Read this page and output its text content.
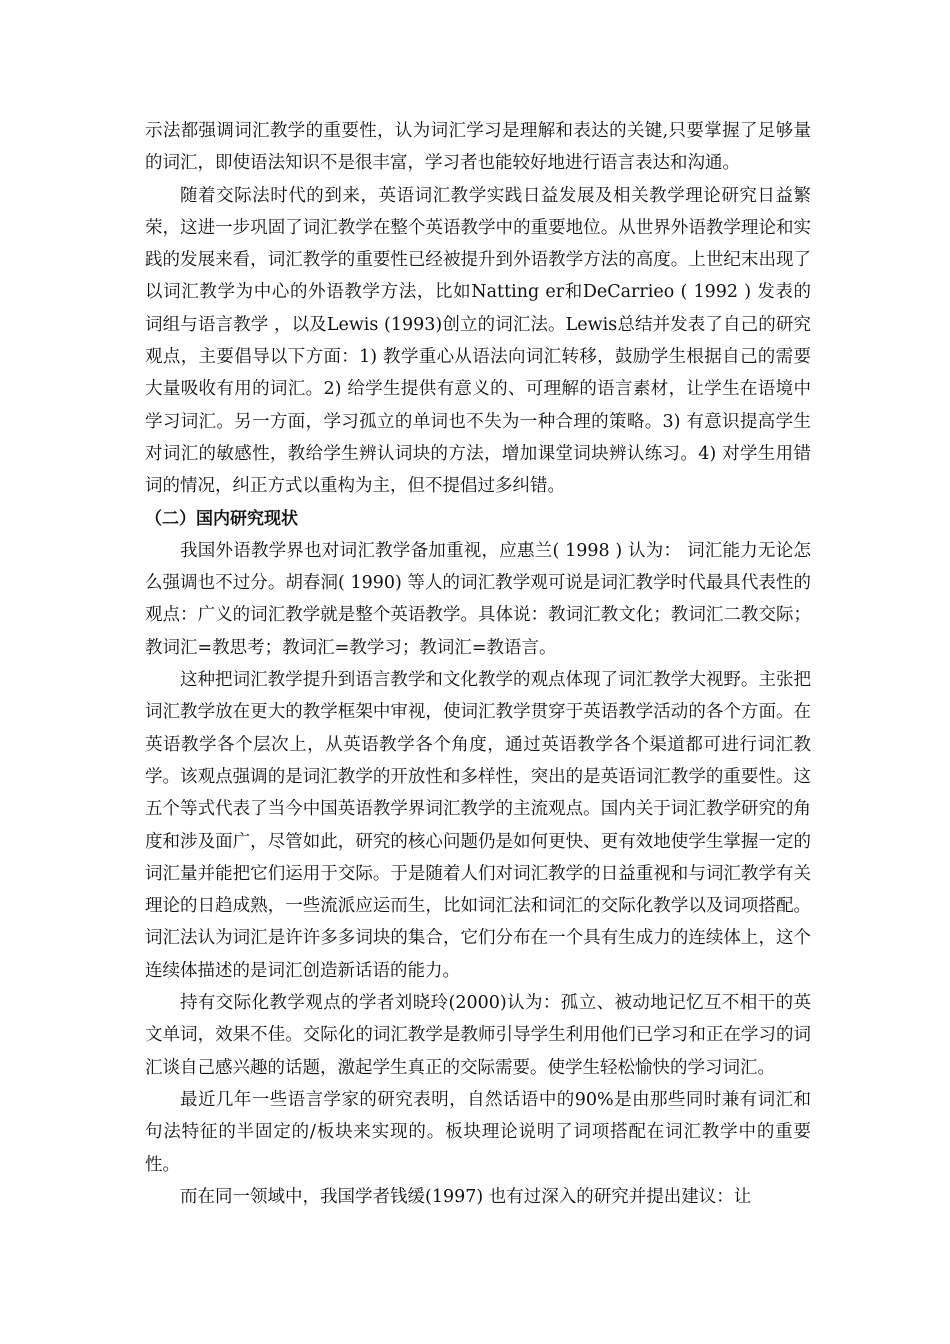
示法都强调词汇教学的重要性，认为词汇学习是理解和表达的关键,只要掌握了足够量的词汇，即使语法知识不是很丰富，学习者也能较好地进行语言表达和沟通。

随着交际法时代的到来，英语词汇教学实践日益发展及相关教学理论研究日益繁荣，这进一步巩固了词汇教学在整个英语教学中的重要地位。从世界外语教学理论和实践的发展来看，词汇教学的重要性已经被提升到外语教学方法的高度。上世纪末出现了以词汇教学为中心的外语教学方法，比如Natting er和DeCarrieo ( 1992 ) 发表的词组与语言教学 ，以及Lewis (1993)创立的词汇法。Lewis总结并发表了自己的研究观点，主要倡导以下方面：1) 教学重心从语法向词汇转移，鼓励学生根据自己的需要大量吸收有用的词汇。2) 给学生提供有意义的、可理解的语言素材，让学生在语境中学习词汇。另一方面，学习孤立的单词也不失为一种合理的策略。3) 有意识提高学生对词汇的敏感性，教给学生辨认词块的方法，增加课堂词块辨认练习。4) 对学生用错词的情况，纠正方式以重构为主，但不提倡过多纠错。

（二）国内研究现状

我国外语教学界也对词汇教学备加重视，应惠兰( 1998 ) 认为： 词汇能力无论怎么强调也不过分。胡春洞( 1990) 等人的词汇教学观可说是词汇教学时代最具代表性的观点：广义的词汇教学就是整个英语教学。具体说：教词汇教文化；教词汇二教交际；教词汇=教思考；教词汇=教学习；教词汇=教语言。

这种把词汇教学提升到语言教学和文化教学的观点体现了词汇教学大视野。主张把词汇教学放在更大的教学框架中审视，使词汇教学贯穿于英语教学活动的各个方面。在英语教学各个层次上，从英语教学各个角度，通过英语教学各个渠道都可进行词汇教学。该观点强调的是词汇教学的开放性和多样性，突出的是英语词汇教学的重要性。这五个等式代表了当今中国英语教学界词汇教学的主流观点。国内关于词汇教学研究的角度和涉及面广，尽管如此，研究的核心问题仍是如何更快、更有效地使学生掌握一定的词汇量并能把它们运用于交际。于是随着人们对词汇教学的日益重视和与词汇教学有关理论的日趋成熟，一些流派应运而生，比如词汇法和词汇的交际化教学以及词项搭配。词汇法认为词汇是许许多多词块的集合，它们分布在一个具有生成力的连续体上，这个连续体描述的是词汇创造新话语的能力。

持有交际化教学观点的学者刘晓玲(2000)认为：孤立、被动地记忆互不相干的英文单词，效果不佳。交际化的词汇教学是教师引导学生利用他们已学习和正在学习的词汇谈自己感兴趣的话题，激起学生真正的交际需要。使学生轻松愉快的学习词汇。

最近几年一些语言学家的研究表明，自然话语中的90%是由那些同时兼有词汇和句法特征的半固定的/板块来实现的。板块理论说明了词项搭配在词汇教学中的重要性。

而在同一领域中，我国学者钱缓(1997) 也有过深入的研究并提出建议：让
